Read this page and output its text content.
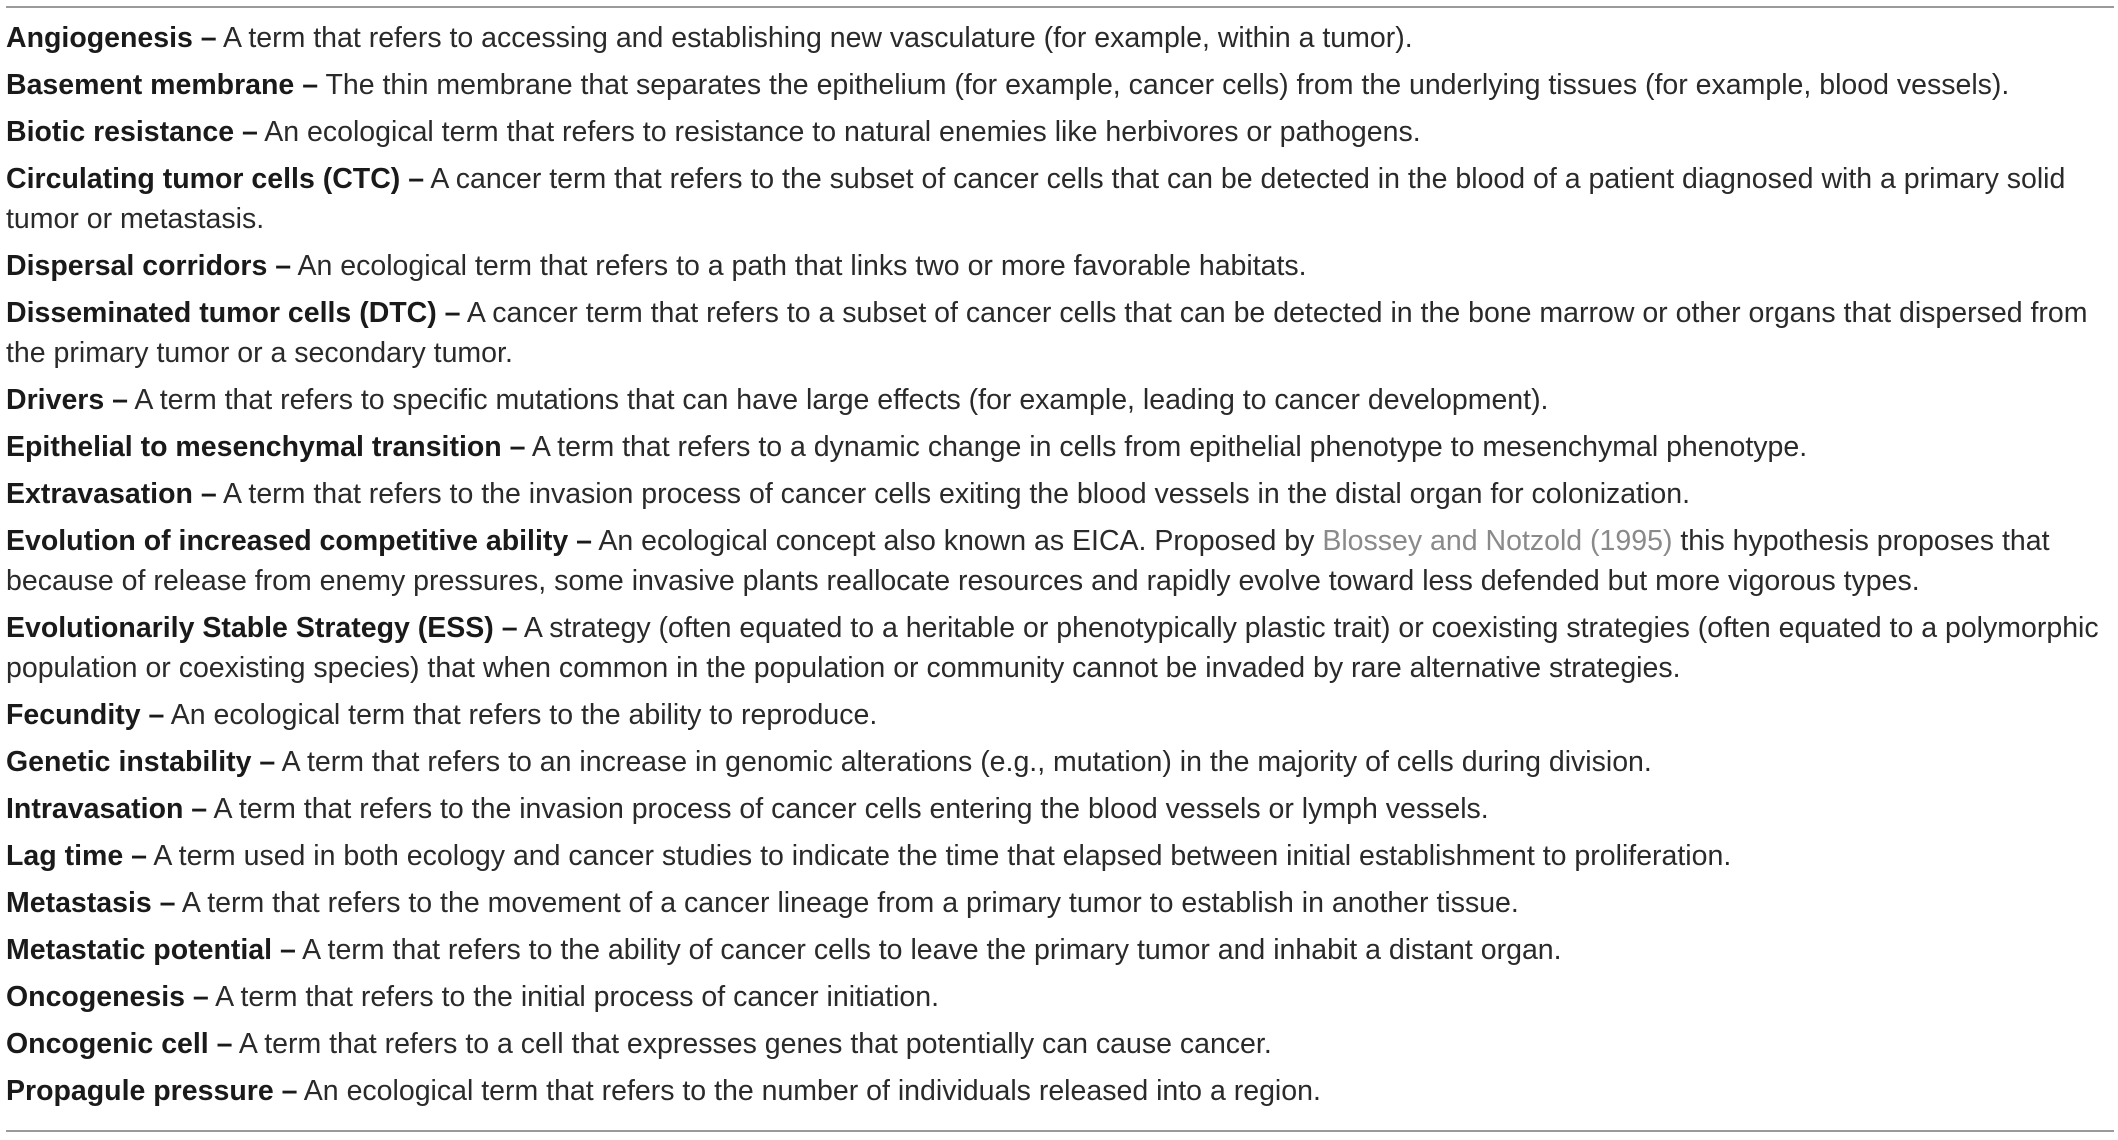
Angiogenesis – A term that refers to accessing and establishing new vasculature (for example, within a tumor).
Basement membrane – The thin membrane that separates the epithelium (for example, cancer cells) from the underlying tissues (for example, blood vessels).
Biotic resistance – An ecological term that refers to resistance to natural enemies like herbivores or pathogens.
Circulating tumor cells (CTC) – A cancer term that refers to the subset of cancer cells that can be detected in the blood of a patient diagnosed with a primary solid tumor or metastasis.
Dispersal corridors – An ecological term that refers to a path that links two or more favorable habitats.
Disseminated tumor cells (DTC) – A cancer term that refers to a subset of cancer cells that can be detected in the bone marrow or other organs that dispersed from the primary tumor or a secondary tumor.
Drivers – A term that refers to specific mutations that can have large effects (for example, leading to cancer development).
Epithelial to mesenchymal transition – A term that refers to a dynamic change in cells from epithelial phenotype to mesenchymal phenotype.
Extravasation – A term that refers to the invasion process of cancer cells exiting the blood vessels in the distal organ for colonization.
Evolution of increased competitive ability – An ecological concept also known as EICA. Proposed by Blossey and Notzold (1995) this hypothesis proposes that because of release from enemy pressures, some invasive plants reallocate resources and rapidly evolve toward less defended but more vigorous types.
Evolutionarily Stable Strategy (ESS) – A strategy (often equated to a heritable or phenotypically plastic trait) or coexisting strategies (often equated to a polymorphic population or coexisting species) that when common in the population or community cannot be invaded by rare alternative strategies.
Fecundity – An ecological term that refers to the ability to reproduce.
Genetic instability – A term that refers to an increase in genomic alterations (e.g., mutation) in the majority of cells during division.
Intravasation – A term that refers to the invasion process of cancer cells entering the blood vessels or lymph vessels.
Lag time – A term used in both ecology and cancer studies to indicate the time that elapsed between initial establishment to proliferation.
Metastasis – A term that refers to the movement of a cancer lineage from a primary tumor to establish in another tissue.
Metastatic potential – A term that refers to the ability of cancer cells to leave the primary tumor and inhabit a distant organ.
Oncogenesis – A term that refers to the initial process of cancer initiation.
Oncogenic cell – A term that refers to a cell that expresses genes that potentially can cause cancer.
Propagule pressure – An ecological term that refers to the number of individuals released into a region.
